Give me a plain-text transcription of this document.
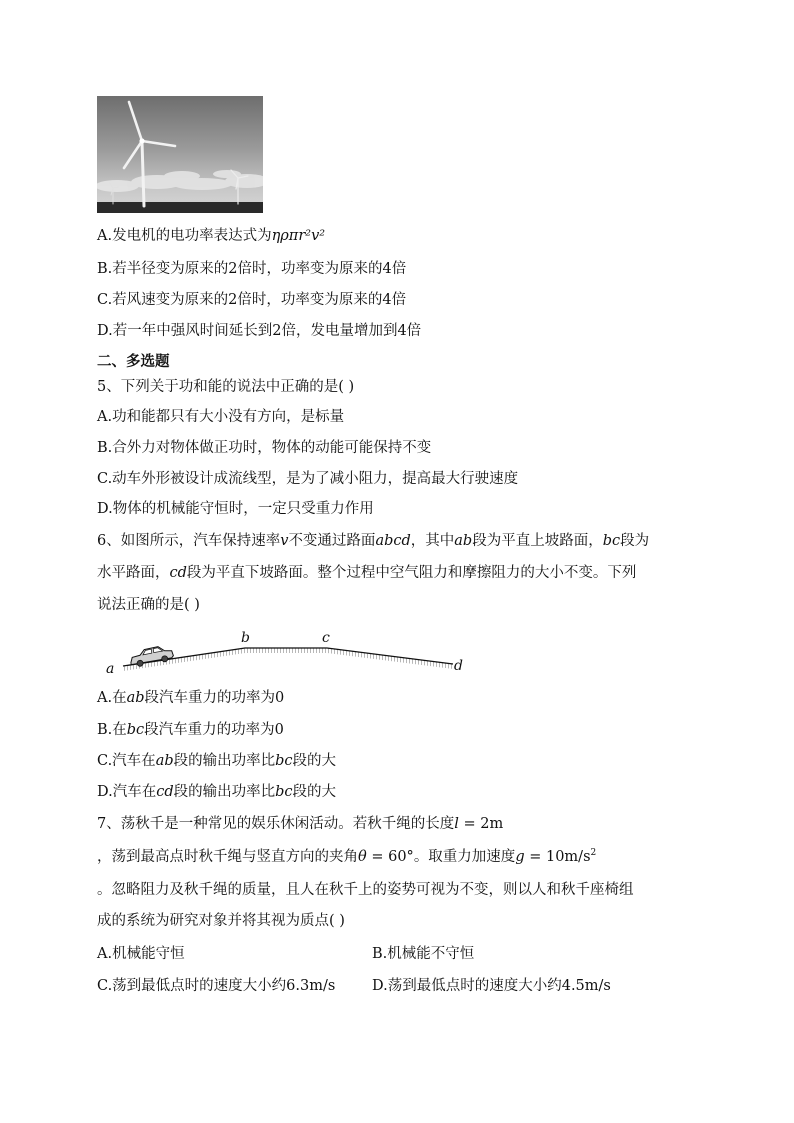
A.发电机的电功率表达式为ηρπr²v²
B.若半径变为原来的2倍时，功率变为原来的4倍
C.若风速变为原来的2倍时，功率变为原来的4倍
D.若一年中强风时间延长到2倍，发电量增加到4倍
二、多选题
5、下列关于功和能的说法中正确的是( )
A.功和能都只有大小没有方向，是标量
B.合外力对物体做正功时，物体的动能可能保持不变
C.动车外形被设计成流线型，是为了减小阻力，提高最大行驶速度
D.物体的机械能守恒时，一定只受重力作用
6、如图所示，汽车保持速率v不变通过路面abcd，其中ab段为平直上坡路面，bc段为
水平路面，cd段为平直下坡路面。整个过程中空气阻力和摩擦阻力的大小不变。下列
说法正确的是( )
a
b	c
d
A.在ab段汽车重力的功率为0
B.在bc段汽车重力的功率为0
C.汽车在ab段的输出功率比bc段的大
D.汽车在cd段的输出功率比bc段的大
7、荡秋千是一种常见的娱乐休闲活动。若秋千绳的长度l = 2m
，荡到最高点时秋千绳与竖直方向的夹角θ = 60°。取重力加速度$g = 10m/s^2$
。忽略阻力及秋千绳的质量，且人在秋千上的姿势可视为不变，则以人和秋千座椅组
成的系统为研究对象并将其视为质点( )
A.机械能守恒	B.机械能不守恒
C.荡到最低点时的速度大小约6.3m/s	D.荡到最低点时的速度大小约4.5m/s
